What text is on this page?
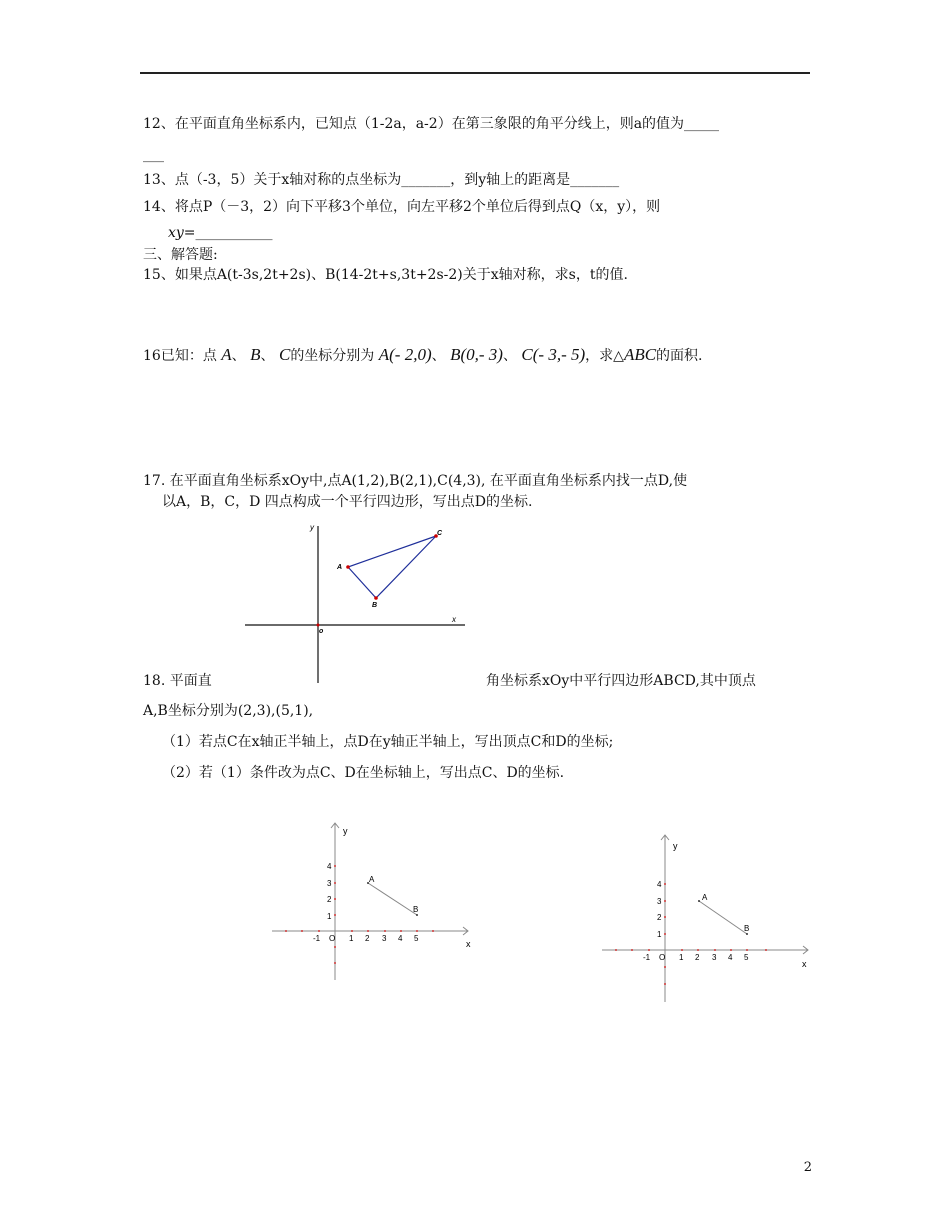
12、在平面直角坐标系内，已知点（1-2a，a-2）在第三象限的角平分线上，则a的值为_____
___
13、点（-3，5）关于x轴对称的点坐标为_______，到y轴上的距离是_______
14、将点P（－3，2）向下平移3个单位，向左平移2个单位后得到点Q（x，y），则
xy=___________
三、解答题:
15、如果点A(t-3s,2t+2s)、B(14-2t+s,3t+2s-2)关于x轴对称，求s，t的值.
16已知：点 A、 B、 C的坐标分别为 A(- 2,0)、 B(0,- 3)、 C(- 3,- 5)，求△ABC的面积.
17. 在平面直角坐标系xOy中,点A(1,2),B(2,1),C(4,3), 在平面直角坐标系内找一点D,使
以A，B，C，D 四点构成一个平行四边形，写出点D的坐标.
y
x
o
A
B
C
18. 平面直	角坐标系xOy中平行四边形ABCD,其中顶点
A,B坐标分别为(2,3),(5,1),
（1）若点C在x轴正半轴上，点D在y轴正半轴上，写出顶点C和D的坐标;
（2）若（1）条件改为点C、D在坐标轴上，写出点C、D的坐标.
y
x
O
-1	1 2 3 4 5
1
2
3
4
A
B
y
x
O
-1	1 2 3 4 5
1
2
3
4
A
B
2
